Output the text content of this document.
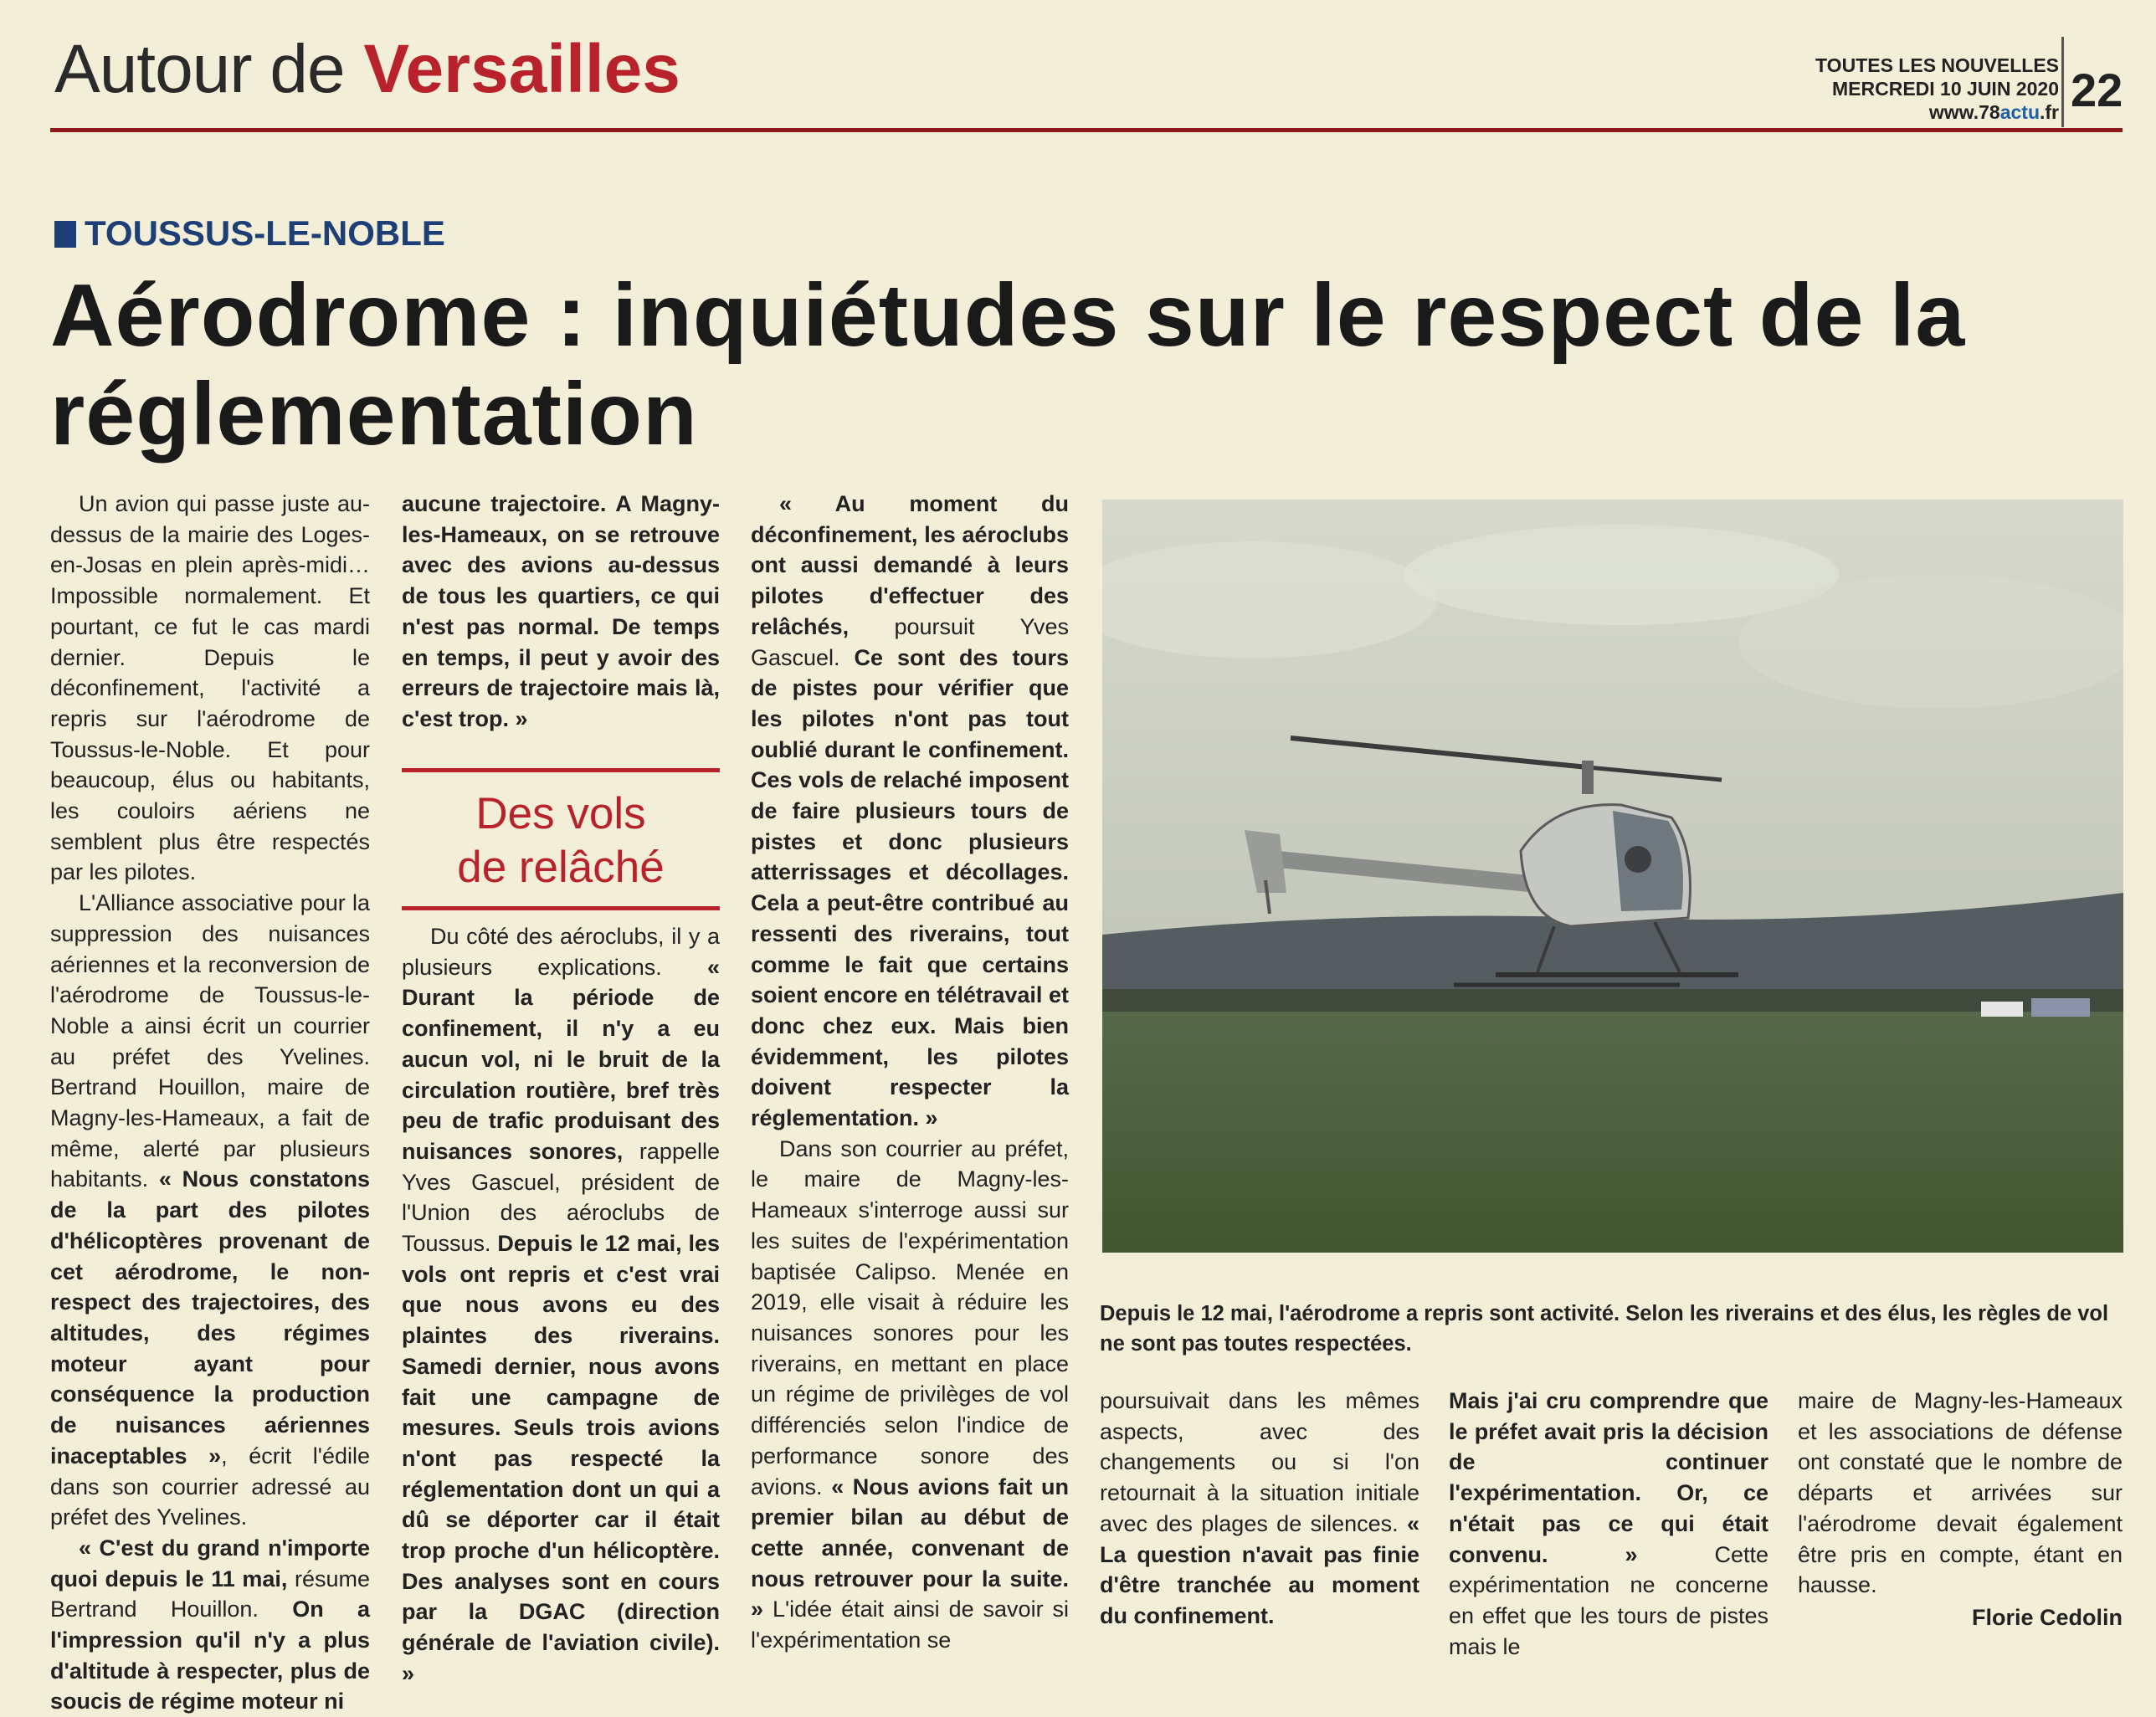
Autour de Versailles	TOUTES LES NOUVELLES
MERCREDI 10 JUIN 2020
www.78actu.fr 22
TOUSSUS-LE-NOBLE
Aérodrome : inquiétudes sur le respect de la réglementation

Un avion qui passe juste au-dessus de la mairie des Loges-en-Josas en plein après-midi… Impossible normalement. Et pourtant, ce fut le cas mardi dernier. Depuis le déconfinement, l'activité a repris sur l'aérodrome de Toussus-le-Noble. Et pour beaucoup, élus ou habitants, les couloirs aériens ne semblent plus être respectés par les pilotes.

L'Alliance associative pour la suppression des nuisances aériennes et la reconversion de l'aérodrome de Toussus-le-Noble a ainsi écrit un courrier au préfet des Yvelines. Bertrand Houillon, maire de Magny-les-Hameaux, a fait de même, alerté par plusieurs habitants. « Nous constatons de la part des pilotes d'hélicoptères provenant de cet aérodrome, le non-respect des trajectoires, des altitudes, des régimes moteur ayant pour conséquence la production de nuisances aériennes inaceptables », écrit l'édile dans son courrier adressé au préfet des Yvelines.

« C'est du grand n'importe quoi depuis le 11 mai, résume Bertrand Houillon. On a l'impression qu'il n'y a plus d'altitude à respecter, plus de soucis de régime moteur ni

aucune trajectoire. A Magny-les-Hameaux, on se retrouve avec des avions au-dessus de tous les quartiers, ce qui n'est pas normal. De temps en temps, il peut y avoir des erreurs de trajectoire mais là, c'est trop. »

Des vols
de relâché

Du côté des aéroclubs, il y a plusieurs explications. « Durant la période de confinement, il n'y a eu aucun vol, ni le bruit de la circulation routière, bref très peu de trafic produisant des nuisances sonores, rappelle Yves Gascuel, président de l'Union des aéroclubs de Toussus. Depuis le 12 mai, les vols ont repris et c'est vrai que nous avons eu des plaintes des riverains. Samedi dernier, nous avons fait une campagne de mesures. Seuls trois avions n'ont pas respecté la réglementation dont un qui a dû se déporter car il était trop proche d'un hélicoptère. Des analyses sont en cours par la DGAC (direction générale de l'aviation civile). »

« Au moment du déconfinement, les aéroclubs ont aussi demandé à leurs pilotes d'effectuer des relâchés, poursuit Yves Gascuel. Ce sont des tours de pistes pour vérifier que les pilotes n'ont pas tout oublié durant le confinement. Ces vols de relaché imposent de faire plusieurs tours de pistes et donc plusieurs atterrissages et décollages. Cela a peut-être contribué au ressenti des riverains, tout comme le fait que certains soient encore en télétravail et donc chez eux. Mais bien évidemment, les pilotes doivent respecter la réglementation. »

Dans son courrier au préfet, le maire de Magny-les-Hameaux s'interroge aussi sur les suites de l'expérimentation baptisée Calipso. Menée en 2019, elle visait à réduire les nuisances sonores pour les riverains, en mettant en place un régime de privilèges de vol différenciés selon l'indice de performance sonore des avions. « Nous avions fait un premier bilan au début de cette année, convenant de nous retrouver pour la suite. » L'idée était ainsi de savoir si l'expérimentation se

Depuis le 12 mai, l'aérodrome a repris sont activité. Selon les riverains et des élus, les règles de vol ne sont pas toutes respectées.

poursuivait dans les mêmes aspects, avec des changements ou si l'on retournait à la situation initiale avec des plages de silences. « La question n'avait pas finie d'être tranchée au moment du confinement.

Mais j'ai cru comprendre que le préfet avait pris la décision de continuer l'expérimentation. Or, ce n'était pas ce qui était convenu. » Cette expérimentation ne concerne en effet que les tours de pistes mais le

maire de Magny-les-Hameaux et les associations de défense ont constaté que le nombre de départs et arrivées sur l'aérodrome devait également être pris en compte, étant en hausse.

Florie Cedolin
